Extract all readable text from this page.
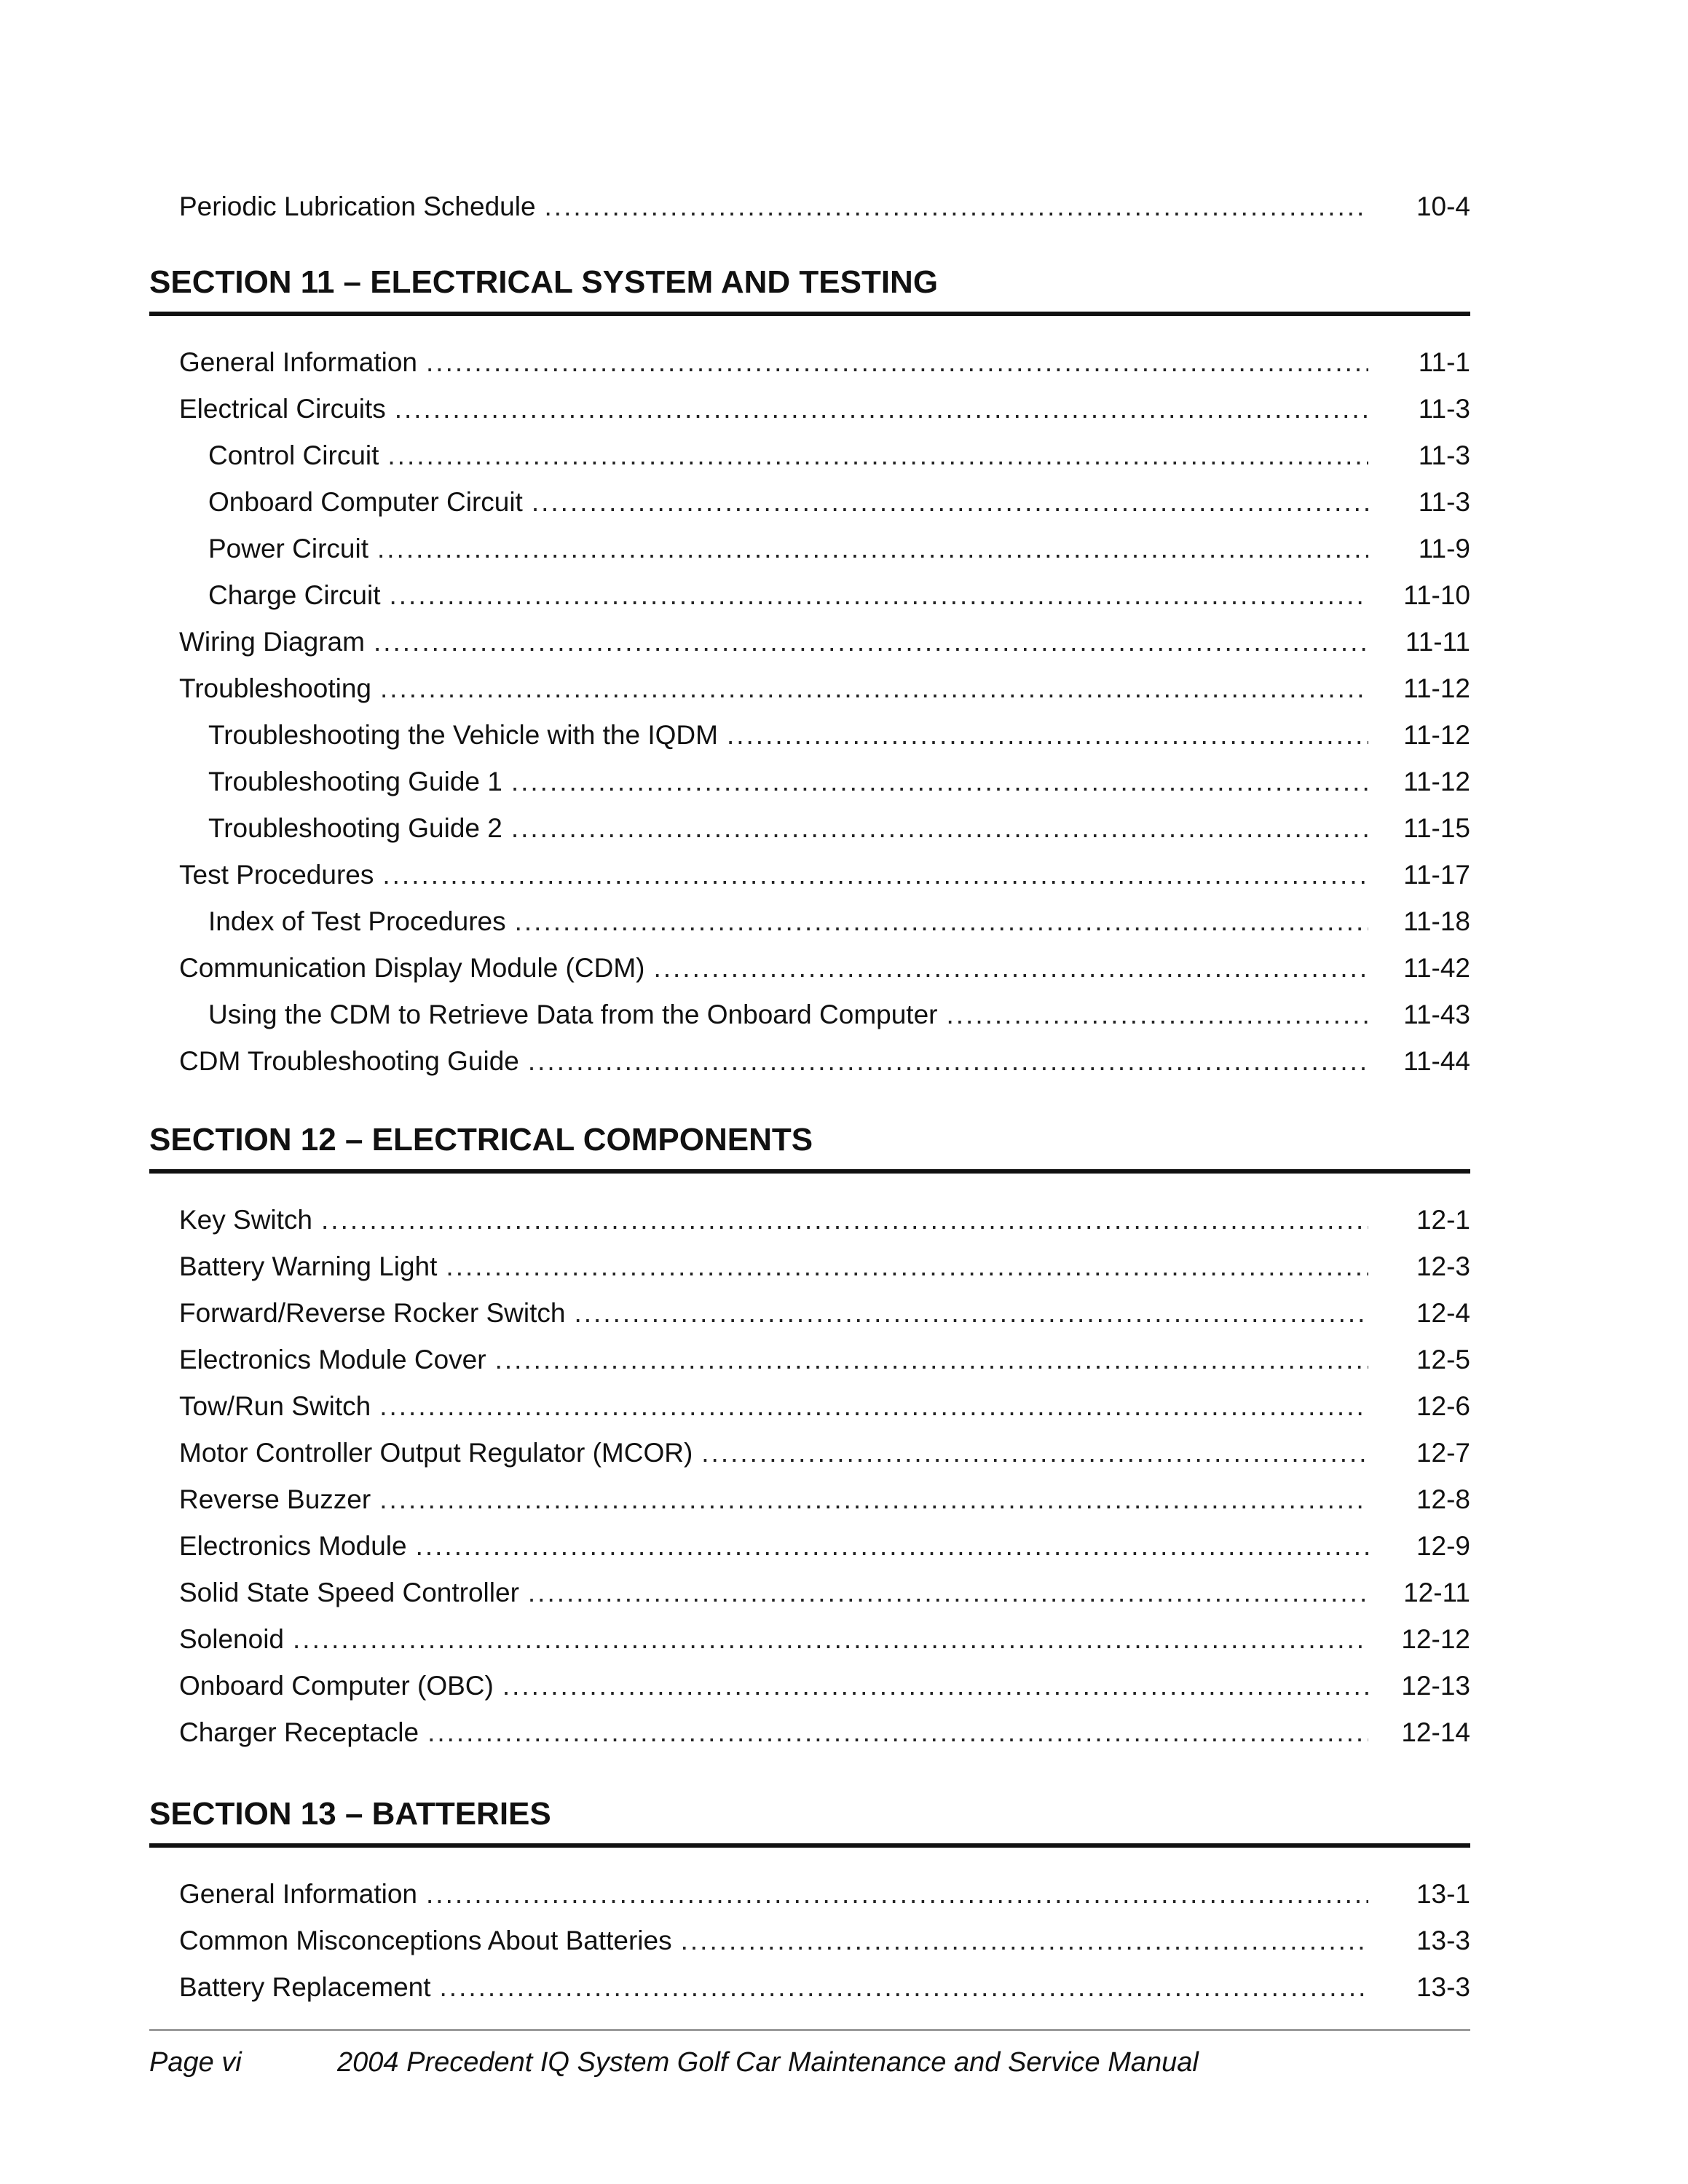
Periodic Lubrication Schedule .....	10-4
SECTION 11 – ELECTRICAL SYSTEM AND TESTING
General Information .....	11-1
Electrical Circuits .....	11-3
Control Circuit .....	11-3
Onboard Computer Circuit .....	11-3
Power Circuit .....	11-9
Charge Circuit .....	11-10
Wiring Diagram .....	11-11
Troubleshooting .....	11-12
Troubleshooting the Vehicle with the IQDM .....	11-12
Troubleshooting Guide 1 .....	11-12
Troubleshooting Guide 2 .....	11-15
Test Procedures .....	11-17
Index of Test Procedures .....	11-18
Communication Display Module (CDM) .....	11-42
Using the CDM to Retrieve Data from the Onboard Computer .....	11-43
CDM Troubleshooting Guide .....	11-44
SECTION 12 – ELECTRICAL COMPONENTS
Key Switch .....	12-1
Battery Warning Light .....	12-3
Forward/Reverse Rocker Switch .....	12-4
Electronics Module Cover .....	12-5
Tow/Run Switch .....	12-6
Motor Controller Output Regulator (MCOR) .....	12-7
Reverse Buzzer .....	12-8
Electronics Module .....	12-9
Solid State Speed Controller .....	12-11
Solenoid .....	12-12
Onboard Computer (OBC) .....	12-13
Charger Receptacle .....	12-14
SECTION 13 – BATTERIES
General Information .....	13-1
Common Misconceptions About Batteries .....	13-3
Battery Replacement .....	13-3
Page vi	2004 Precedent IQ System Golf Car Maintenance and Service Manual
